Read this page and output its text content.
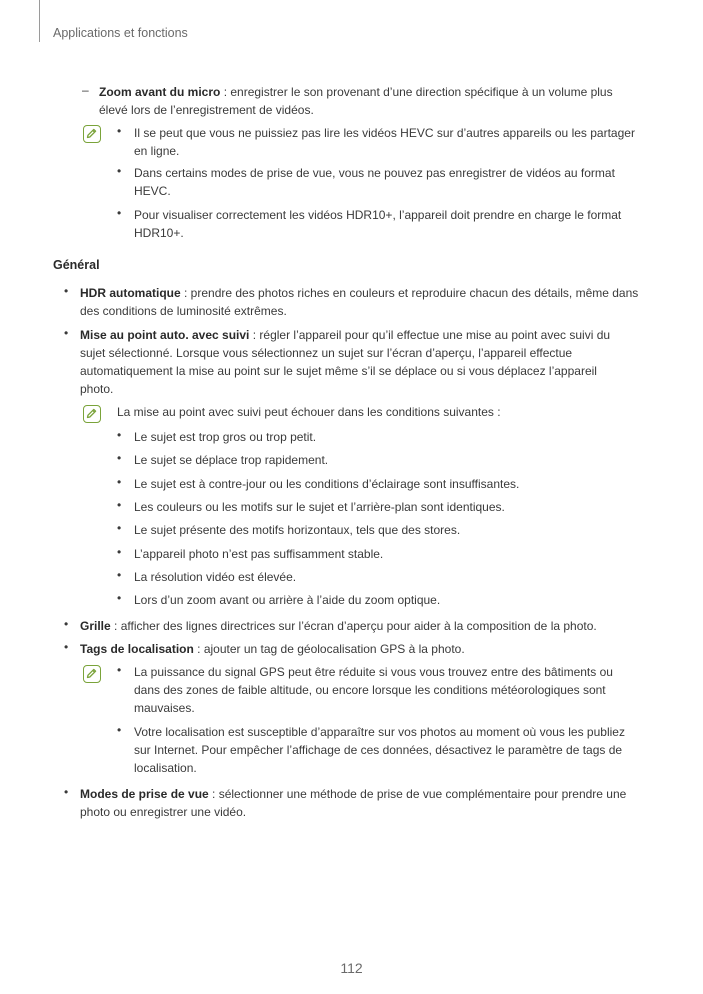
Applications et fonctions
– Zoom avant du micro : enregistrer le son provenant d’une direction spécifique à un volume plus élevé lors de l’enregistrement de vidéos.
• Il se peut que vous ne puissiez pas lire les vidéos HEVC sur d’autres appareils ou les partager en ligne.
• Dans certains modes de prise de vue, vous ne pouvez pas enregistrer de vidéos au format HEVC.
• Pour visualiser correctement les vidéos HDR10+, l’appareil doit prendre en charge le format HDR10+.
Général
• HDR automatique : prendre des photos riches en couleurs et reproduire chacun des détails, même dans des conditions de luminosité extrêmes.
• Mise au point auto. avec suivi : régler l’appareil pour qu’il effectue une mise au point avec suivi du sujet sélectionné. Lorsque vous sélectionnez un sujet sur l’écran d’aperçu, l’appareil effectue automatiquement la mise au point sur le sujet même s’il se déplace ou si vous déplacez l’appareil photo.
La mise au point avec suivi peut échouer dans les conditions suivantes :
• Le sujet est trop gros ou trop petit.
• Le sujet se déplace trop rapidement.
• Le sujet est à contre-jour ou les conditions d’éclairage sont insuffisantes.
• Les couleurs ou les motifs sur le sujet et l’arrière-plan sont identiques.
• Le sujet présente des motifs horizontaux, tels que des stores.
• L’appareil photo n’est pas suffisamment stable.
• La résolution vidéo est élevée.
• Lors d’un zoom avant ou arrière à l’aide du zoom optique.
• Grille : afficher des lignes directrices sur l’écran d’aperçu pour aider à la composition de la photo.
• Tags de localisation : ajouter un tag de géolocalisation GPS à la photo.
• La puissance du signal GPS peut être réduite si vous vous trouvez entre des bâtiments ou dans des zones de faible altitude, ou encore lorsque les conditions météorologiques sont mauvaises.
• Votre localisation est susceptible d’apparaître sur vos photos au moment où vous les publiez sur Internet. Pour empêcher l’affichage de ces données, désactivez le paramètre de tags de localisation.
• Modes de prise de vue : sélectionner une méthode de prise de vue complémentaire pour prendre une photo ou enregistrer une vidéo.
112
